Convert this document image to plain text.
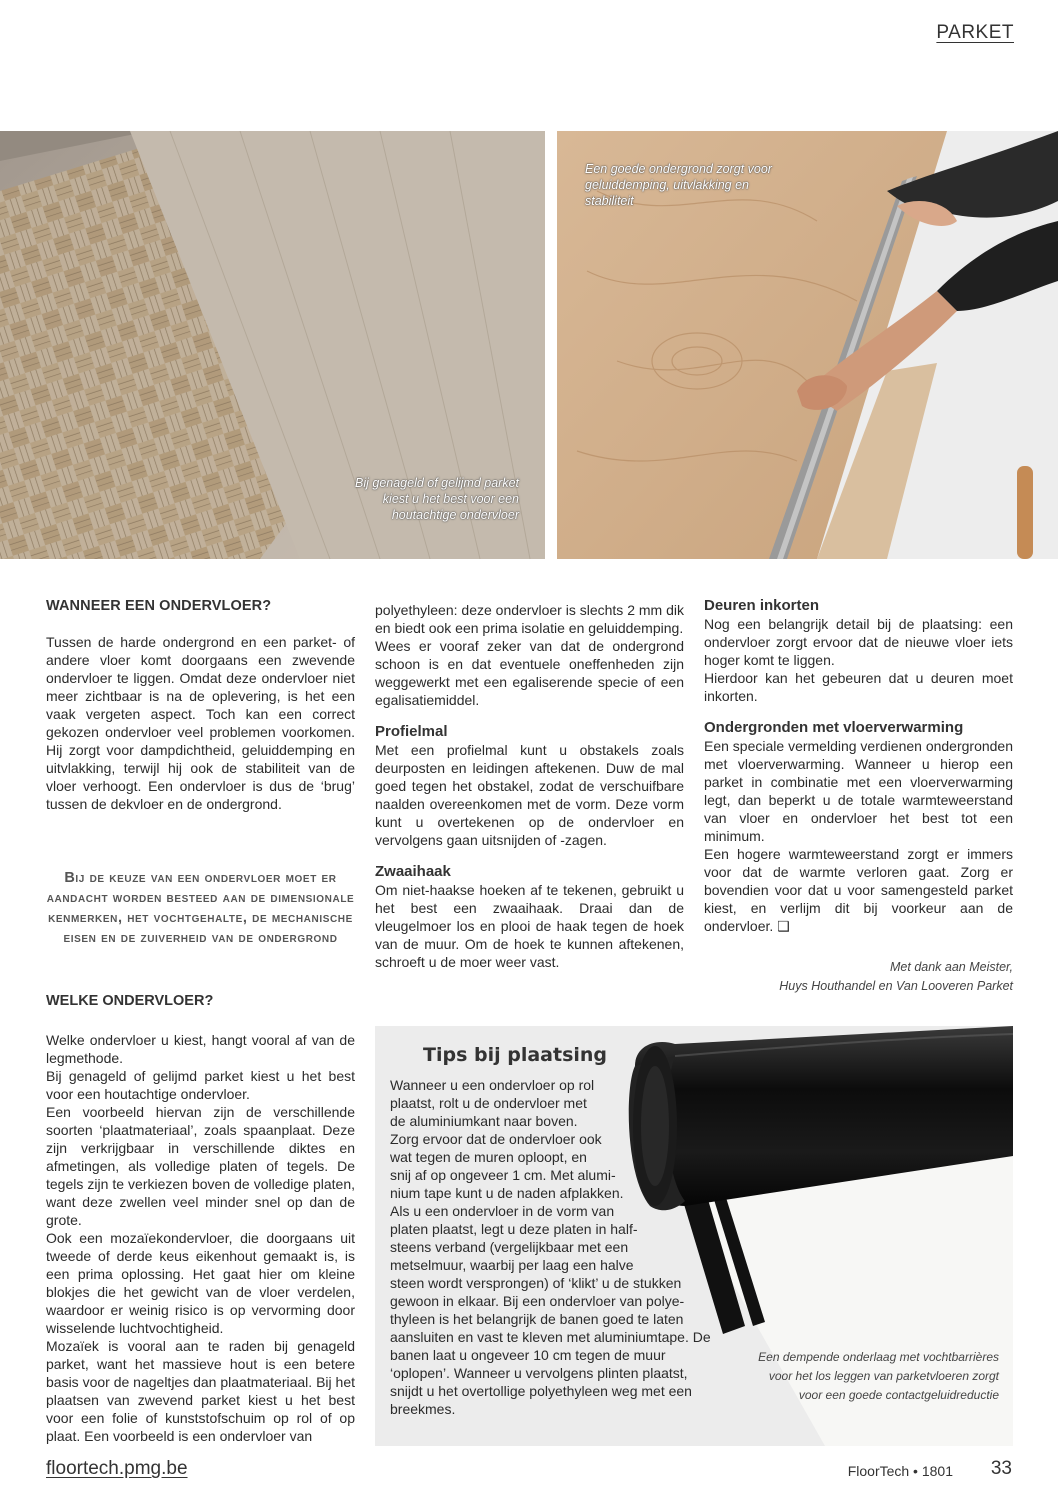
PARKET
Bij genageld of gelijmd parket kiest u het best voor een houtachtige ondervloer
Een goede ondergrond zorgt voor geluiddemping, uitvlakking en stabiliteit
WANNEER EEN ONDERVLOER?

Tussen de harde ondergrond en een parket- of andere vloer komt doorgaans een zwevende ondervloer te liggen. Omdat deze ondervloer niet meer zichtbaar is na de oplevering, is het een vaak vergeten aspect. Toch kan een correct gekozen ondervloer veel problemen voorkomen. Hij zorgt voor dampdichtheid, geluiddemping en uitvlakking, terwijl hij ook de stabiliteit van de vloer verhoogt. Een ondervloer is dus de ‘brug’ tussen de dekvloer en de ondergrond.

Bij de keuze van een ondervloer moet er aandacht worden besteed aan de dimensionale kenmerken, het vochtgehalte, de mechanische eisen en de zuiverheid van de ondergrond
WELKE ONDERVLOER?

Welke ondervloer u kiest, hangt vooral af van de legmethode.

Bij genageld of gelijmd parket kiest u het best voor een houtachtige ondervloer.

Een voorbeeld hiervan zijn de verschillende soorten ‘plaatmateriaal’, zoals spaanplaat. Deze zijn verkrijgbaar in verschillende diktes en afmetingen, als volledige platen of tegels. De tegels zijn te verkiezen boven de volledige platen, want deze zwellen veel minder snel op dan de grote.

Ook een mozaïekondervloer, die doorgaans uit tweede of derde keus eikenhout gemaakt is, is een prima oplossing. Het gaat hier om kleine blokjes die het gewicht van de vloer verdelen, waardoor er weinig risico is op vervorming door wisselende luchtvochtigheid.

Mozaïek is vooral aan te raden bij genageld parket, want het massieve hout is een betere basis voor de nageltjes dan plaatmateriaal. Bij het plaatsen van zwevend parket kiest u het best voor een folie of kunststofschuim op rol of op plaat. Een voorbeeld is een ondervloer van

polyethyleen: deze ondervloer is slechts 2 mm dik en biedt ook een prima isolatie en geluiddemping.

Wees er vooraf zeker van dat de ondergrond schoon is en dat eventuele oneffenheden zijn weggewerkt met een egaliserende specie of een egalisatiemiddel.

Profielmal

Met een profielmal kunt u obstakels zoals deurposten en leidingen aftekenen. Duw de mal goed tegen het obstakel, zodat de verschuifbare naalden overeenkomen met de vorm. Deze vorm kunt u overtekenen op de ondervloer en vervolgens gaan uitsnijden of -zagen.

Zwaaihaak

Om niet-haakse hoeken af te tekenen, gebruikt u het best een zwaaihaak. Draai dan de vleugelmoer los en plooi de haak tegen de hoek van de muur. Om de hoek te kunnen aftekenen, schroeft u de moer weer vast.

Deuren inkorten

Nog een belangrijk detail bij de plaatsing: een ondervloer zorgt ervoor dat de nieuwe vloer iets hoger komt te liggen.

Hierdoor kan het gebeuren dat u deuren moet inkorten.

Ondergronden met vloerverwarming

Een speciale vermelding verdienen ondergronden met vloerverwarming. Wanneer u hierop een parket in combinatie met een vloerverwarming legt, dan beperkt u de totale warmteweerstand van vloer en ondervloer het best tot een minimum.

Een hogere warmteweerstand zorgt er immers voor dat de warmte verloren gaat. Zorg er bovendien voor dat u voor samengesteld parket kiest, en verlijm dit bij voorkeur aan de ondervloer. ❑

Met dank aan Meister,
Huys Houthandel en Van Looveren Parket
Tips bij plaatsing
Wanneer u een ondervloer op rol
plaatst, rolt u de ondervloer met
de aluminiumkant naar boven.
Zorg ervoor dat de ondervloer ook
wat tegen de muren oploopt, en
snij af op ongeveer 1 cm. Met alumi-
nium tape kunt u de naden afplakken.
Als u een ondervloer in de vorm van
platen plaatst, legt u deze platen in half-
steens verband (vergelijkbaar met een
metselmuur, waarbij per laag een halve
steen wordt versprongen) of ‘klikt’ u de stukken
gewoon in elkaar. Bij een ondervloer van polye-
thyleen is het belangrijk de banen goed te laten
aansluiten en vast te kleven met aluminiumtape. De
banen laat u ongeveer 10 cm tegen de muur
‘oplopen’. Wanneer u vervolgens plinten plaatst,
snijdt u het overtollige polyethyleen weg met een
breekmes.
Een dempende onderlaag met vochtbarrières
voor het los leggen van parketvloeren zorgt
voor een goede contactgeluidreductie
floortech.pmg.be	FloorTech • 1801 33
